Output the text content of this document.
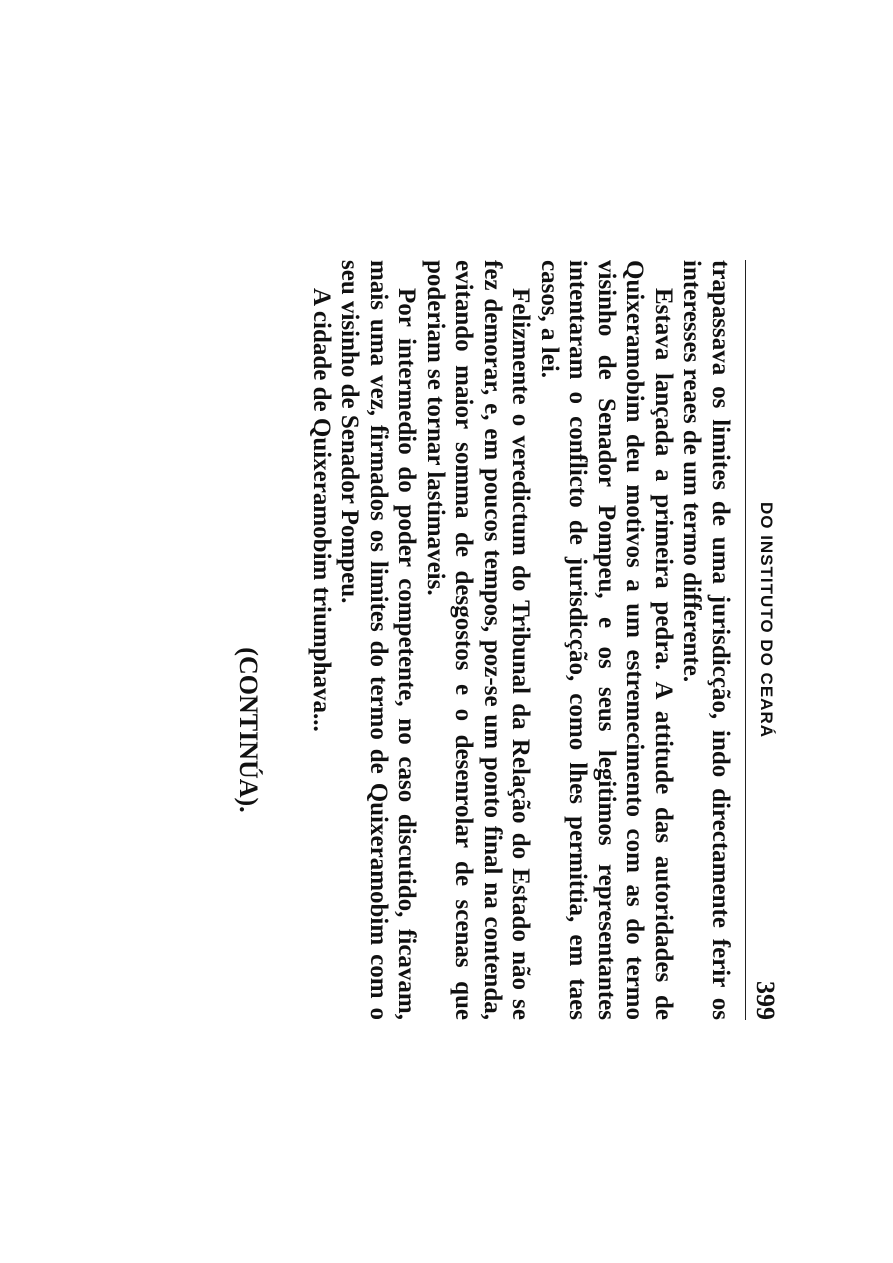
DO INSTITUTO DO CEARÁ
399

trapassava os limites de uma jurisdicção, indo directamente ferir os interesses reaes de um termo differente.

Estava lançada a primeira pedra. A attitude das autoridades de Quixeramobim deu motivos a um estremecimento com as do termo visinho de Senador Pompeu, e os seus legitimos representantes intentaram o conflicto de jurisdicção, como lhes permittia, em taes casos, a lei.

Felizmente o veredictum do Tribunal da Relação do Estado não se fez demorar, e, em poucos tempos, poz-se um ponto final na contenda, evitando maior somma de desgostos e o desenrolar de scenas que poderiam se tornar lastimaveis.

Por intermedio do poder competente, no caso discutido, ficavam, mais uma vez, firmados os limites do termo de Quixeramobim com o seu visinho de Senador Pompeu.

A cidade de Quixeramobim triumphava...

(CONTINÚA).
